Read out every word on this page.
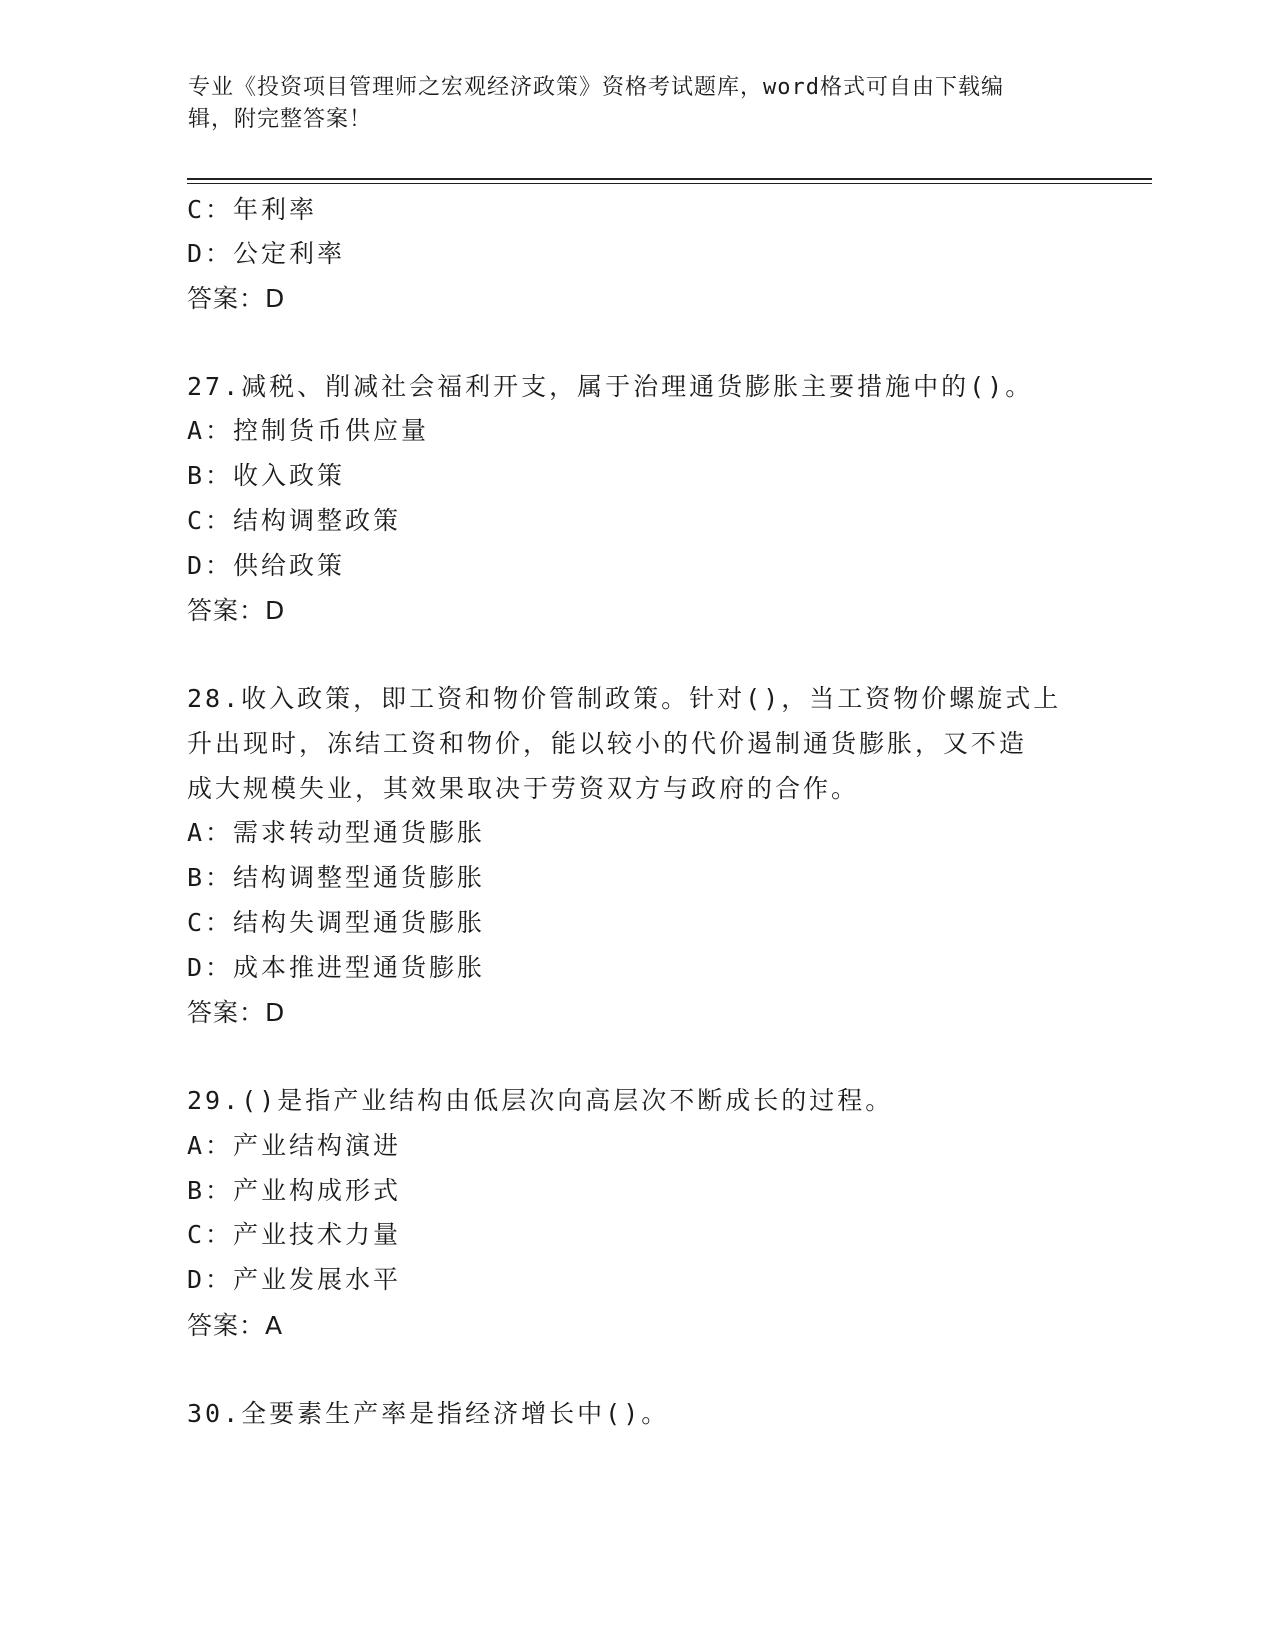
专业《投资项目管理师之宏观经济政策》资格考试题库，word格式可自由下载编
辑，附完整答案！
C：年利率
D：公定利率
答案：D
27.减税、削减社会福利开支，属于治理通货膨胀主要措施中的()。
A：控制货币供应量
B：收入政策
C：结构调整政策
D：供给政策
答案：D
28.收入政策，即工资和物价管制政策。针对()，当工资物价螺旋式上
升出现时，冻结工资和物价，能以较小的代价遏制通货膨胀，又不造
成大规模失业，其效果取决于劳资双方与政府的合作。
A：需求转动型通货膨胀
B：结构调整型通货膨胀
C：结构失调型通货膨胀
D：成本推进型通货膨胀
答案：D
29.()是指产业结构由低层次向高层次不断成长的过程。
A：产业结构演进
B：产业构成形式
C：产业技术力量
D：产业发展水平
答案：A
30.全要素生产率是指经济增长中()。
